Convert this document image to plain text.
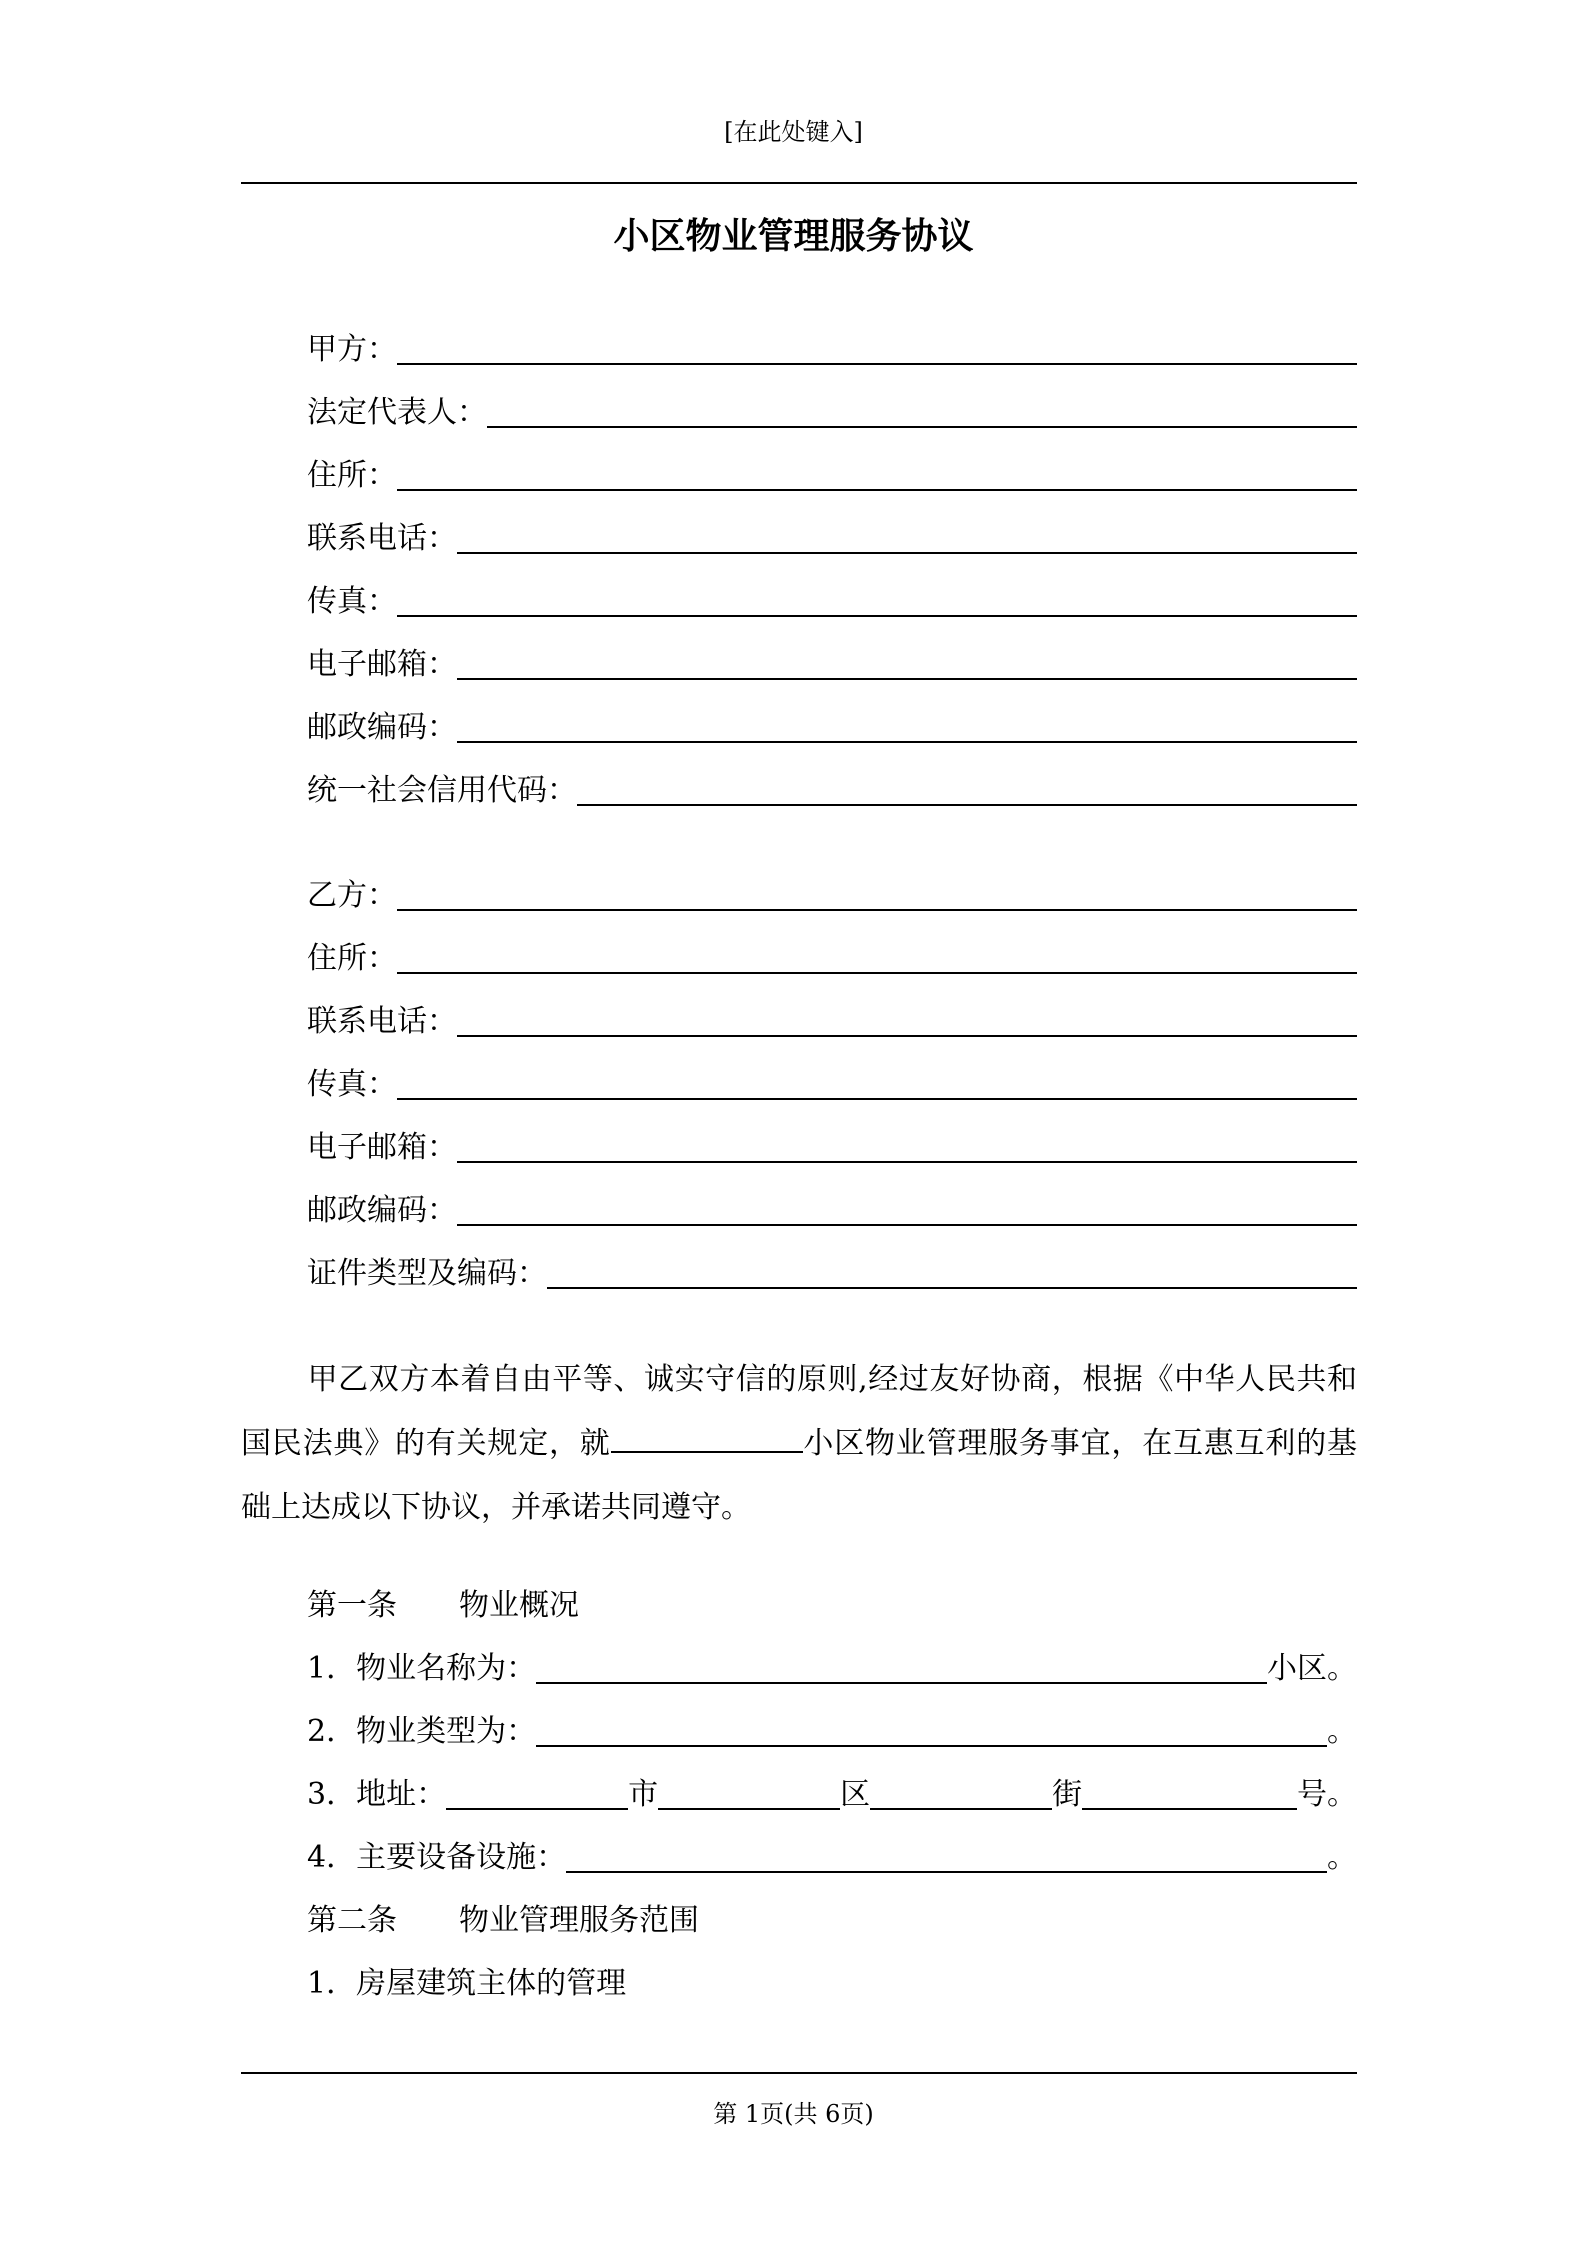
[在此处键入]
小区物业管理服务协议
甲方：
法定代表人：
住所：
联系电话：
传真：
电子邮箱：
邮政编码：
统一社会信用代码：
乙方：
住所：
联系电话：
传真：
电子邮箱：
邮政编码：
证件类型及编码：
甲乙双方本着自由平等、诚实守信的原则,经过友好协商，根据《中华人民共和国民法典》的有关规定，就	小区物业管理服务事宜，在互惠互利的基础上达成以下协议，并承诺共同遵守。
第一条 物业概况
1．物业名称为：	小区。
2．物业类型为：	。
3．地址：	市	区	街	号。
4．主要设备设施：	。
第二条 物业管理服务范围
1．房屋建筑主体的管理
第 1页(共 6页)
